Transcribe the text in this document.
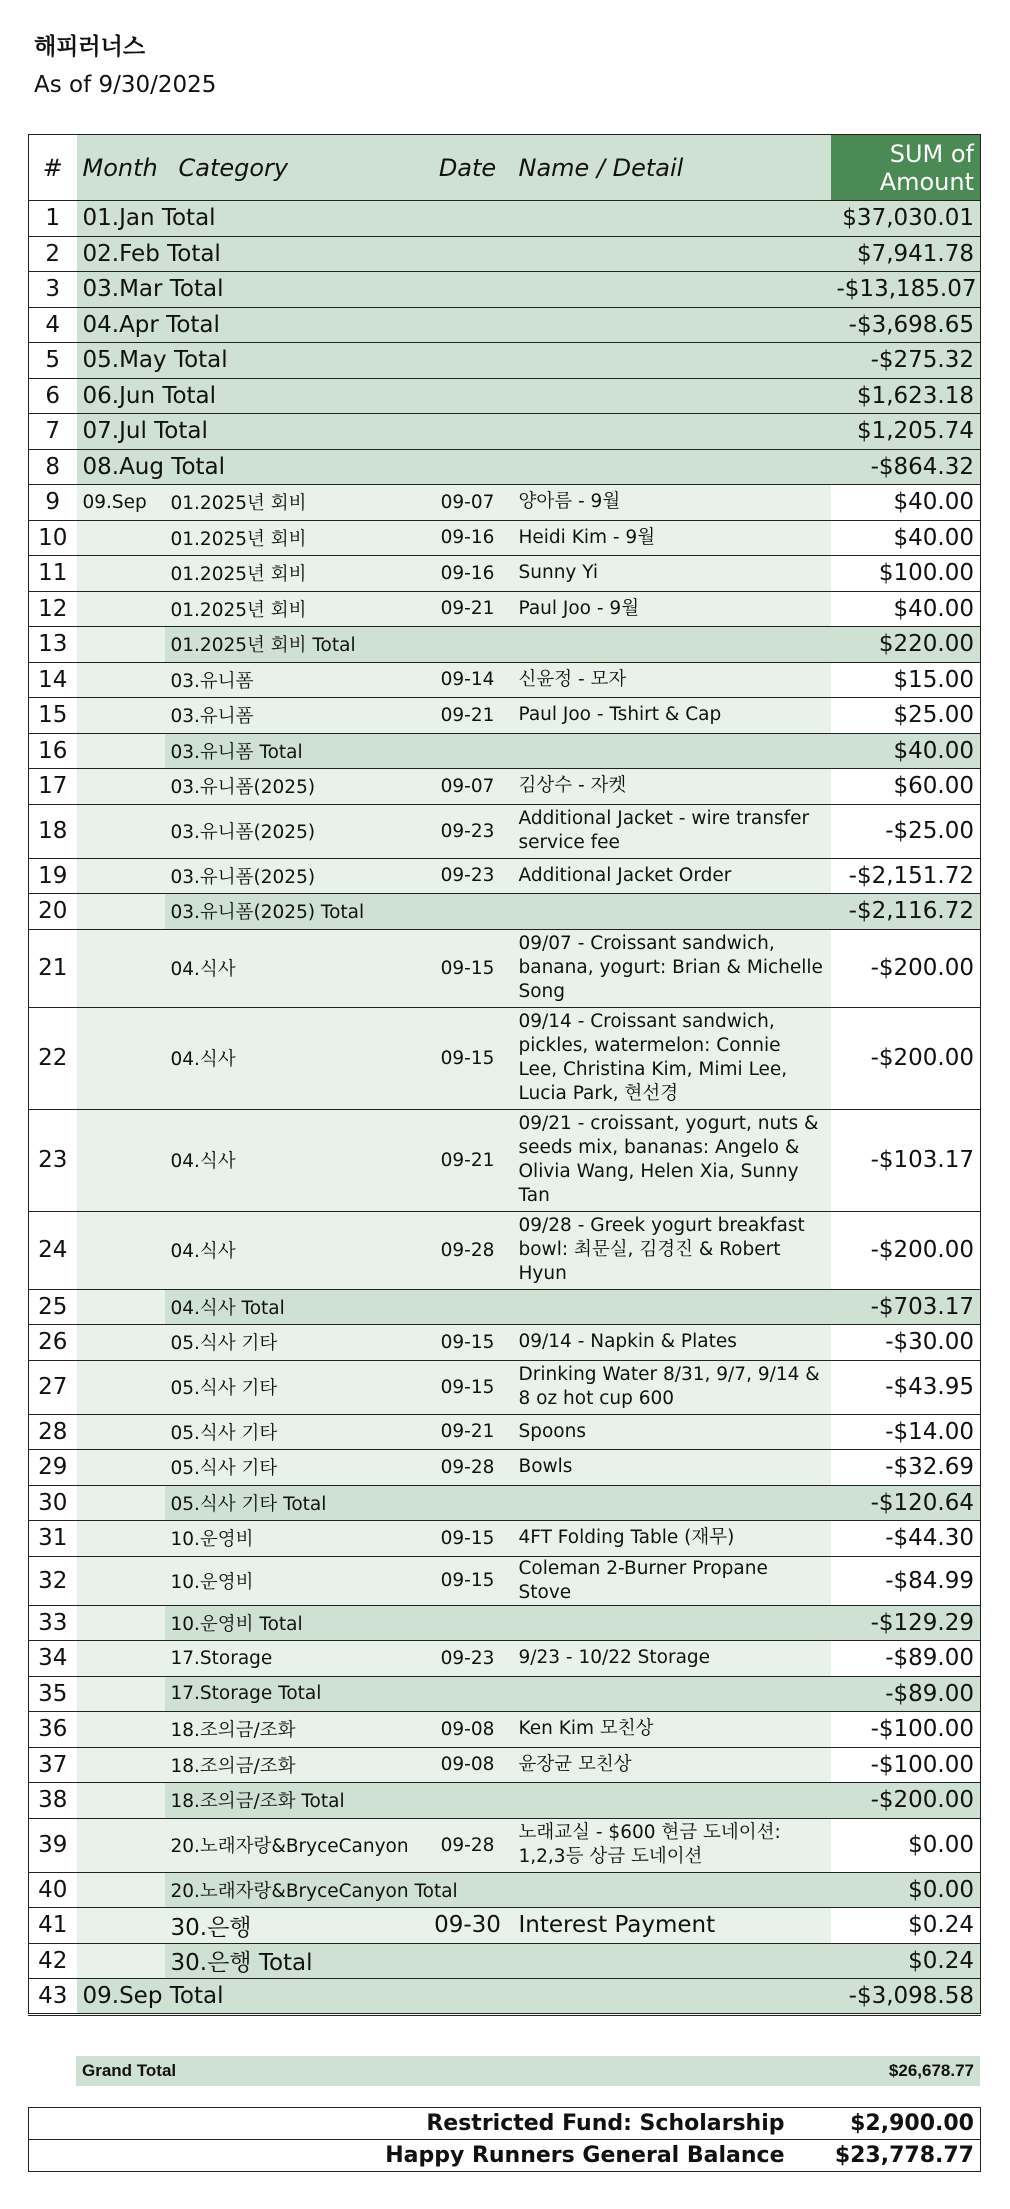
해피러너스
As of 9/30/2025
#	Month	Category	Date	Name / Detail	SUM of
Amount

1	01.Jan Total				$37,030.01
2	02.Feb Total				$7,941.78
3	03.Mar Total				-$13,185.07
4	04.Apr Total				-$3,698.65
5	05.May Total				-$275.32
6	06.Jun Total				$1,623.18
7	07.Jul Total				$1,205.74
8	08.Aug Total				-$864.32
9	09.Sep	01.2025년 회비	09-07	양아름 - 9월	$40.00
10		01.2025년 회비	09-16	Heidi Kim - 9월	$40.00
11		01.2025년 회비	09-16	Sunny Yi	$100.00
12		01.2025년 회비	09-21	Paul Joo - 9월	$40.00
13		01.2025년 회비 Total			$220.00
14		03.유니폼	09-14	신윤정 - 모자	$15.00
15		03.유니폼	09-21	Paul Joo - Tshirt & Cap	$25.00
16		03.유니폼 Total			$40.00
17		03.유니폼(2025)	09-07	김상수 - 자켓	$60.00
18		03.유니폼(2025)	09-23	Additional Jacket - wire transfer service fee	-$25.00
19		03.유니폼(2025)	09-23	Additional Jacket Order	-$2,151.72
20		03.유니폼(2025) Total			-$2,116.72
21		04.식사	09-15	09/07 - Croissant sandwich, banana, yogurt: Brian & Michelle Song	-$200.00
22		04.식사	09-15	09/14 - Croissant sandwich, pickles, watermelon: Connie Lee, Christina Kim, Mimi Lee, Lucia Park, 현선경	-$200.00
23		04.식사	09-21	09/21 - croissant, yogurt, nuts & seeds mix, bananas: Angelo & Olivia Wang, Helen Xia, Sunny Tan	-$103.17
24		04.식사	09-28	09/28 - Greek yogurt breakfast bowl: 최문실, 김경진 & Robert Hyun	-$200.00
25		04.식사 Total			-$703.17
26		05.식사 기타	09-15	09/14 - Napkin & Plates	-$30.00
27		05.식사 기타	09-15	Drinking Water 8/31, 9/7, 9/14 & 8 oz hot cup 600	-$43.95
28		05.식사 기타	09-21	Spoons	-$14.00
29		05.식사 기타	09-28	Bowls	-$32.69
30		05.식사 기타 Total			-$120.64
31		10.운영비	09-15	4FT Folding Table (재무)	-$44.30
32		10.운영비	09-15	Coleman 2-Burner Propane Stove	-$84.99
33		10.운영비 Total			-$129.29
34		17.Storage	09-23	9/23 - 10/22 Storage	-$89.00
35		17.Storage Total			-$89.00
36		18.조의금/조화	09-08	Ken Kim 모친상	-$100.00
37		18.조의금/조화	09-08	윤장균 모친상	-$100.00
38		18.조의금/조화 Total			-$200.00
39		20.노래자랑&BryceCanyon	09-28	노래교실 - $600 현금 도네이션: 1,2,3등 상금 도네이션	$0.00
40		20.노래자랑&BryceCanyon Total			$0.00
41		30.은행	09-30	Interest Payment	$0.24
42		30.은행 Total			$0.24
43	09.Sep Total				-$3,098.58
Grand Total	$26,678.77
Restricted Fund: Scholarship	$2,900.00
Happy Runners General Balance	$23,778.77
